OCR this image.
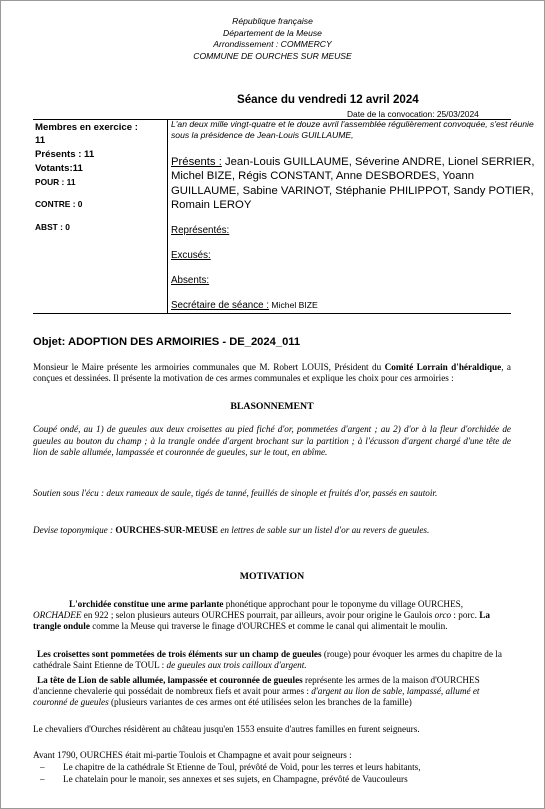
République française
Département de la Meuse
Arrondissement : COMMERCY
COMMUNE DE OURCHES SUR MEUSE
Séance du vendredi 12 avril 2024
Date de la convocation: 25/03/2024
Membres en exercice :
11
Présents : 11
Votants:11
POUR : 11
CONTRE : 0
ABST : 0
L'an deux mille vingt-quatre et le douze avril l'assemblée régulièrement convoquée, s'est réunie sous la présidence de Jean-Louis GUILLAUME,
Présents : Jean-Louis GUILLAUME, Séverine ANDRE, Lionel SERRIER, Michel BIZE, Régis CONSTANT, Anne DESBORDES, Yoann GUILLAUME, Sabine VARINOT, Stéphanie PHILIPPOT, Sandy POTIER, Romain LEROY
Représentés:
Excusés:
Absents:
Secrétaire de séance : Michel BIZE
Objet: ADOPTION DES ARMOIRIES - DE_2024_011
Monsieur le Maire présente les armoiries communales que M. Robert LOUIS, Président du Comité Lorrain d'héraldique, a conçues et dessinées. Il présente la motivation de ces armes communales et explique les choix pour ces armoiries :
BLASONNEMENT
Coupé ondé, au 1) de gueules aux deux croisettes au pied fiché d'or, pommetées d'argent ; au 2) d'or à la fleur d'orchidée de gueules au bouton du champ ; à la trangle ondée d'argent brochant sur la partition ; à l'écusson d'argent chargé d'une tête de lion de sable allumée, lampassée et couronnée de gueules, sur le tout, en abîme.
Soutien sous l'écu : deux rameaux de saule, tigés de tanné, feuillés de sinople et fruités d'or, passés en sautoir.
Devise toponymique : OURCHES-SUR-MEUSE en lettres de sable sur un listel d'or au revers de gueules.
MOTIVATION
L'orchidée constitue une arme parlante phonétique approchant pour le toponyme du village OURCHES, ORCHADEE en 922 ; selon plusieurs auteurs OURCHES pourrait, par ailleurs, avoir pour origine le Gaulois orco : porc. La trangle ondule comme la Meuse qui traverse le finage d'OURCHES et comme le canal qui alimentait le moulin.
Les croisettes sont pommetées de trois éléments sur un champ de gueules (rouge) pour évoquer les armes du chapitre de la cathédrale Saint Etienne de TOUL : de gueules aux trois cailloux d'argent.
La tête de Lion de sable allumée, lampassée et couronnée de gueules représente les armes de la maison d'OURCHES d'ancienne chevalerie qui possédait de nombreux fiefs et avait pour armes : d'argent au lion de sable, lampassé, allumé et couronné de gueules (plusieurs variantes de ces armes ont été utilisées selon les branches de la famille)
Le chevaliers d'Ourches résidèrent au château jusqu'en 1553 ensuite d'autres familles en furent seigneurs.
Avant 1790, OURCHES était mi-partie Toulois et Champagne et avait pour seigneurs :
– Le chapitre de la cathédrale St Etienne de Toul, prévôté de Void, pour les terres et leurs habitants,
– Le chatelain pour le manoir, ses annexes et ses sujets, en Champagne, prévôté de Vaucouleurs
